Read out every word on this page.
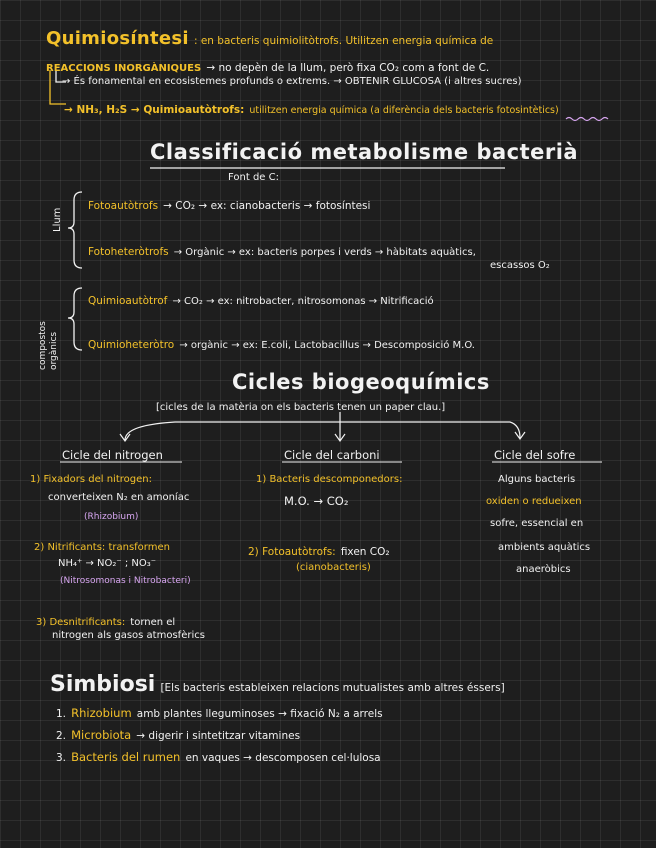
Quimiosíntesi : en bacteris quimiolitòtrofs. Utilitzen energia química de
REACCIONS INORGÀNIQUES → no depèn de la llum, però fixa CO₂ com a font de C.
→ És fonamental en ecosistemes profunds o extrems. → OBTENIR GLUCOSA (i altres sucres)
→ NH₃, H₂S → Quimioautòtrofs: utilitzen energia química (a diferència dels bacteris fotosintètics)
Classificació metabolisme bacterià
Font de C:
Llum
compostos orgànics
Fotoautòtrofs → CO₂ → ex: cianobacteris → fotosíntesi
Fotoheteròtrofs → Orgànic → ex: bacteris porpes i verds → hàbitats aquàtics,
escassos O₂
Quimioautòtrof → CO₂ → ex: nitrobacter, nitrosomonas → Nitrificació
Quimioheteròtro → orgànic → ex: E.coli, Lactobacillus → Descomposició M.O.
Cicles biogeoquímics
[cicles de la matèria on els bacteris tenen un paper clau.]
Cicle del nitrogen	Cicle del carboni	Cicle del sofre
1) Fixadors del nitrogen:
converteixen N₂ en amoníac
(Rhizobium)
2) Nitrificants: transformen
NH₄⁺ → NO₂⁻ ; NO₃⁻
(Nitrosomonas i Nitrobacteri)
3) Desnitrificants: tornen el
nitrogen als gasos atmosfèrics
1) Bacteris descomponedors:
M.O. → CO₂
2) Fotoautòtrofs: fixen CO₂
(cianobacteris)
Alguns bacteris
oxiden o redueixen
sofre, essencial en
ambients aquàtics
anaeròbics
Simbiosi [Els bacteris estableixen relacions mutualistes amb altres éssers]
1. Rhizobium amb plantes lleguminoses → fixació N₂ a arrels
2. Microbiota → digerir i sintetitzar vitamines
3. Bacteris del rumen en vaques → descomposen cel·lulosa
